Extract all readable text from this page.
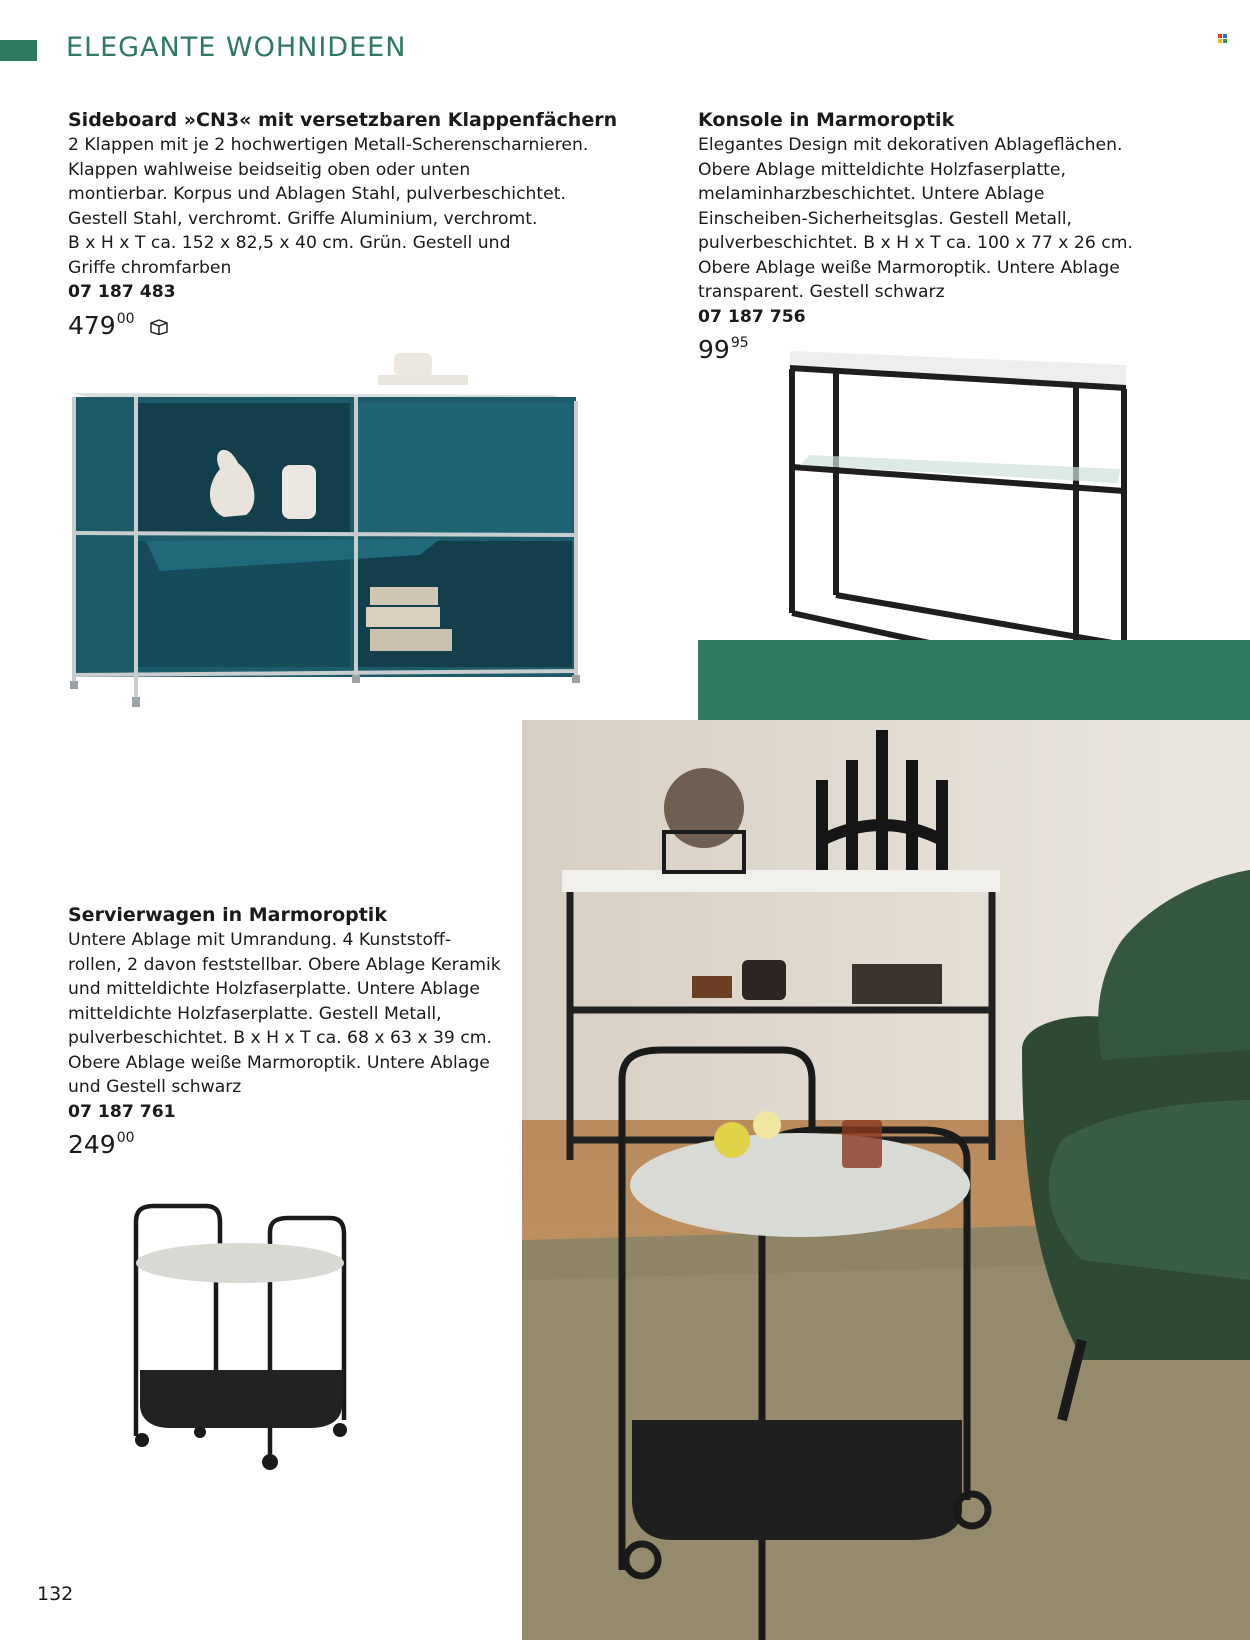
ELEGANTE WOHNIDEEN

Sideboard »CN3« mit versetzbaren Klappenfächern

2 Klappen mit je 2 hochwertigen Metall-Scherenscharnieren.

Klappen wahlweise beidseitig oben oder unten

montierbar. Korpus und Ablagen Stahl, pulverbeschichtet.

Gestell Stahl, verchromt. Griffe Aluminium, verchromt.

B x H x T ca. 152 x 82,5 x 40 cm. Grün. Gestell und

Griffe chromfarben

07 187 483

479 00

Konsole in Marmoroptik

Elegantes Design mit dekorativen Ablageflächen.

Obere Ablage mitteldichte Holzfaserplatte,

melaminharzbeschichtet. Untere Ablage

Einscheiben-Sicherheitsglas. Gestell Metall,

pulverbeschichtet. B x H x T ca. 100 x 77 x 26 cm.

Obere Ablage weiße Marmoroptik. Untere Ablage

transparent. Gestell schwarz

07 187 756

99 95

Servierwagen in Marmoroptik

Untere Ablage mit Umrandung. 4 Kunststoff-

rollen, 2 davon feststellbar. Obere Ablage Keramik

und mitteldichte Holzfaserplatte. Untere Ablage

mitteldichte Holzfaserplatte. Gestell Metall,

pulverbeschichtet. B x H x T ca. 68 x 63 x 39 cm.

Obere Ablage weiße Marmoroptik. Untere Ablage

und Gestell schwarz

07 187 761

249 00
132
